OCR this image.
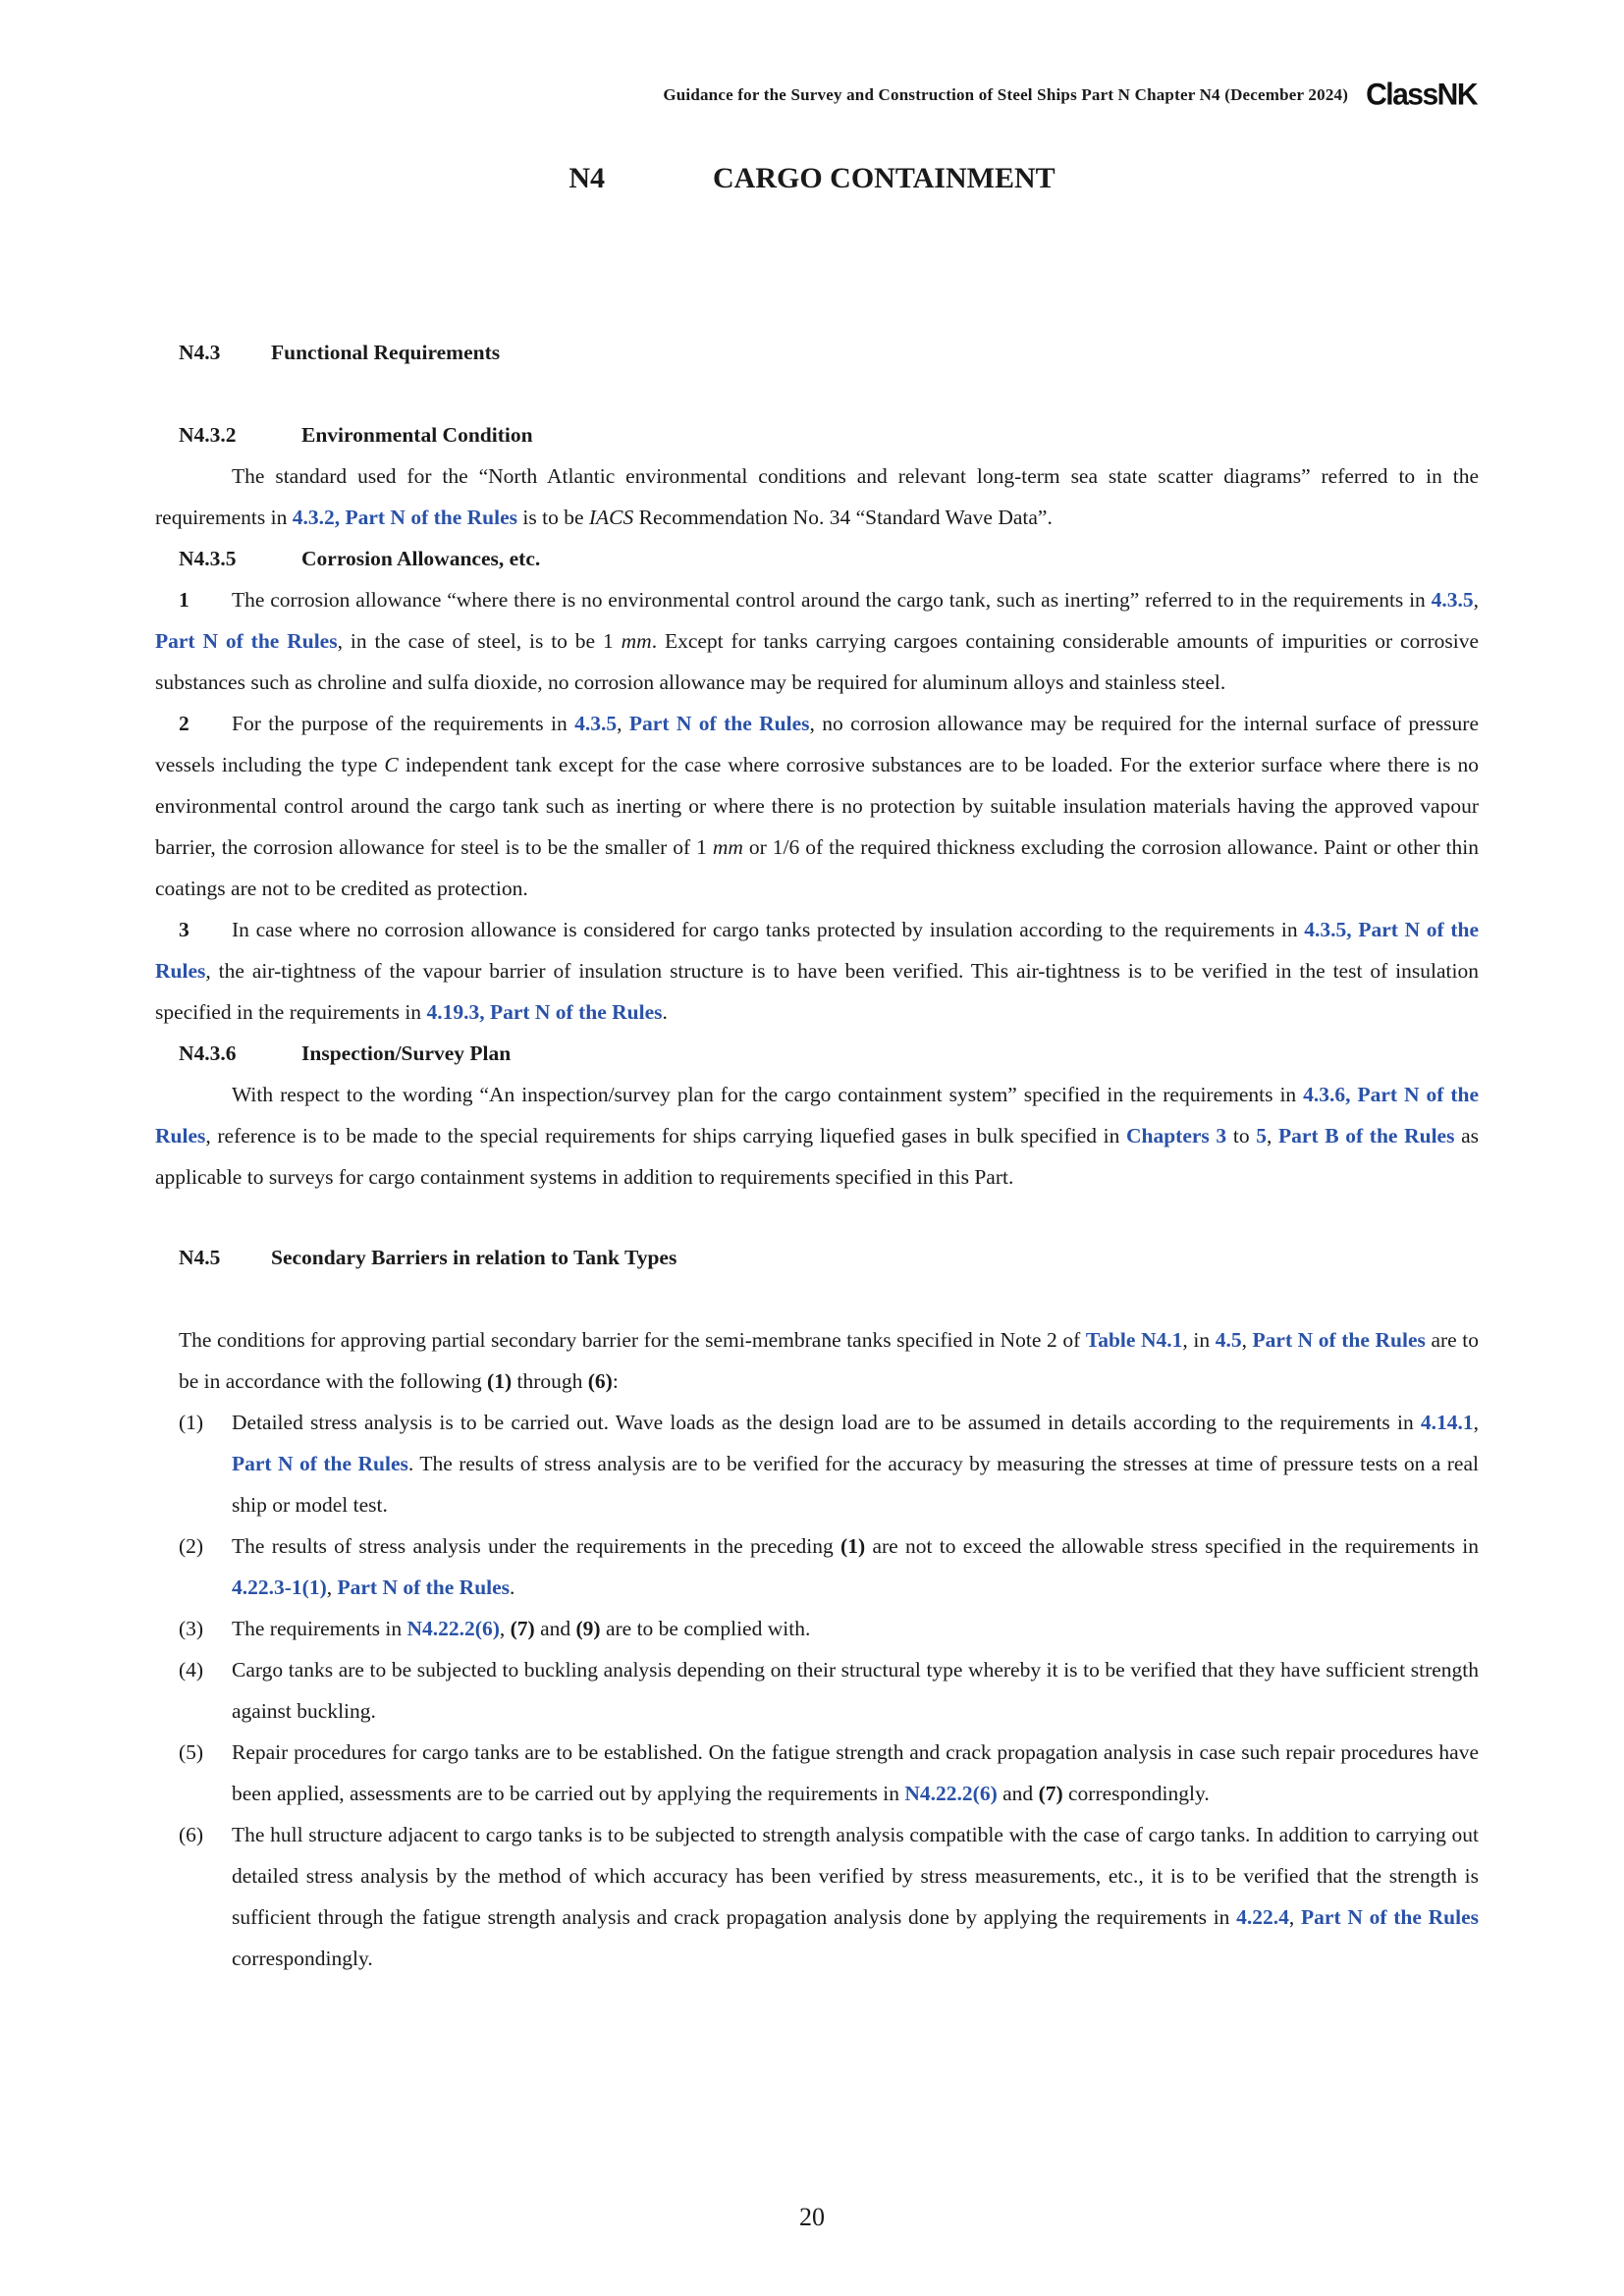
Guidance for the Survey and Construction of Steel Ships Part N Chapter N4 (December 2024) ClassNK
N4	CARGO CONTAINMENT
N4.3 Functional Requirements
N4.3.2	Environmental Condition
The standard used for the “North Atlantic environmental conditions and relevant long-term sea state scatter diagrams” referred to in the requirements in 4.3.2, Part N of the Rules is to be IACS Recommendation No. 34 “Standard Wave Data”.
N4.3.5	Corrosion Allowances, etc.
1 The corrosion allowance “where there is no environmental control around the cargo tank, such as inerting” referred to in the requirements in 4.3.5, Part N of the Rules, in the case of steel, is to be 1 mm. Except for tanks carrying cargoes containing considerable amounts of impurities or corrosive substances such as chroline and sulfa dioxide, no corrosion allowance may be required for aluminum alloys and stainless steel.
2 For the purpose of the requirements in 4.3.5, Part N of the Rules, no corrosion allowance may be required for the internal surface of pressure vessels including the type C independent tank except for the case where corrosive substances are to be loaded. For the exterior surface where there is no environmental control around the cargo tank such as inerting or where there is no protection by suitable insulation materials having the approved vapour barrier, the corrosion allowance for steel is to be the smaller of 1 mm or 1/6 of the required thickness excluding the corrosion allowance. Paint or other thin coatings are not to be credited as protection.
3 In case where no corrosion allowance is considered for cargo tanks protected by insulation according to the requirements in 4.3.5, Part N of the Rules, the air-tightness of the vapour barrier of insulation structure is to have been verified. This air-tightness is to be verified in the test of insulation specified in the requirements in 4.19.3, Part N of the Rules.
N4.3.6	Inspection/Survey Plan
With respect to the wording “An inspection/survey plan for the cargo containment system” specified in the requirements in 4.3.6, Part N of the Rules, reference is to be made to the special requirements for ships carrying liquefied gases in bulk specified in Chapters 3 to 5, Part B of the Rules as applicable to surveys for cargo containment systems in addition to requirements specified in this Part.
N4.5 Secondary Barriers in relation to Tank Types
The conditions for approving partial secondary barrier for the semi-membrane tanks specified in Note 2 of Table N4.1, in 4.5, Part N of the Rules are to be in accordance with the following (1) through (6):
(1) Detailed stress analysis is to be carried out. Wave loads as the design load are to be assumed in details according to the requirements in 4.14.1, Part N of the Rules. The results of stress analysis are to be verified for the accuracy by measuring the stresses at time of pressure tests on a real ship or model test.
(2) The results of stress analysis under the requirements in the preceding (1) are not to exceed the allowable stress specified in the requirements in 4.22.3-1(1), Part N of the Rules.
(3) The requirements in N4.22.2(6), (7) and (9) are to be complied with.
(4) Cargo tanks are to be subjected to buckling analysis depending on their structural type whereby it is to be verified that they have sufficient strength against buckling.
(5) Repair procedures for cargo tanks are to be established. On the fatigue strength and crack propagation analysis in case such repair procedures have been applied, assessments are to be carried out by applying the requirements in N4.22.2(6) and (7) correspondingly.
(6) The hull structure adjacent to cargo tanks is to be subjected to strength analysis compatible with the case of cargo tanks. In addition to carrying out detailed stress analysis by the method of which accuracy has been verified by stress measurements, etc., it is to be verified that the strength is sufficient through the fatigue strength analysis and crack propagation analysis done by applying the requirements in 4.22.4, Part N of the Rules correspondingly.
20
